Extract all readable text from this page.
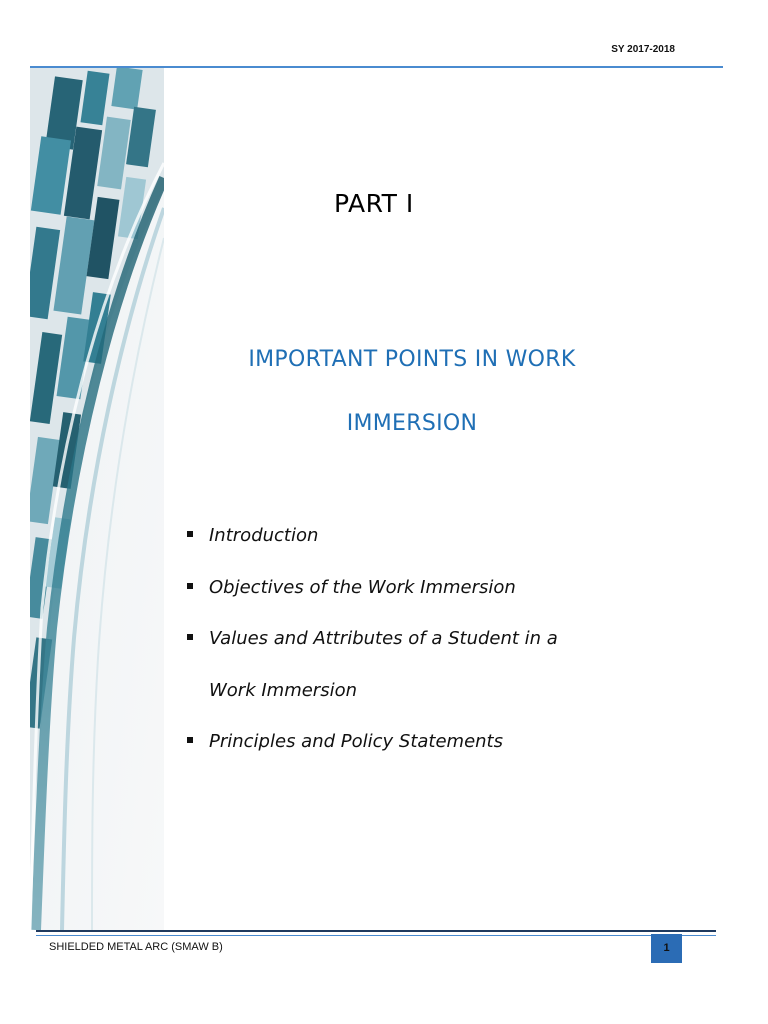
SY 2017-2018
PART I
IMPORTANT POINTS IN WORK
IMMERSION
Introduction
Objectives of the Work Immersion
Values and Attributes of a Student in a
Work Immersion
Principles and Policy Statements
SHIELDED METAL ARC (SMAW B)	1
